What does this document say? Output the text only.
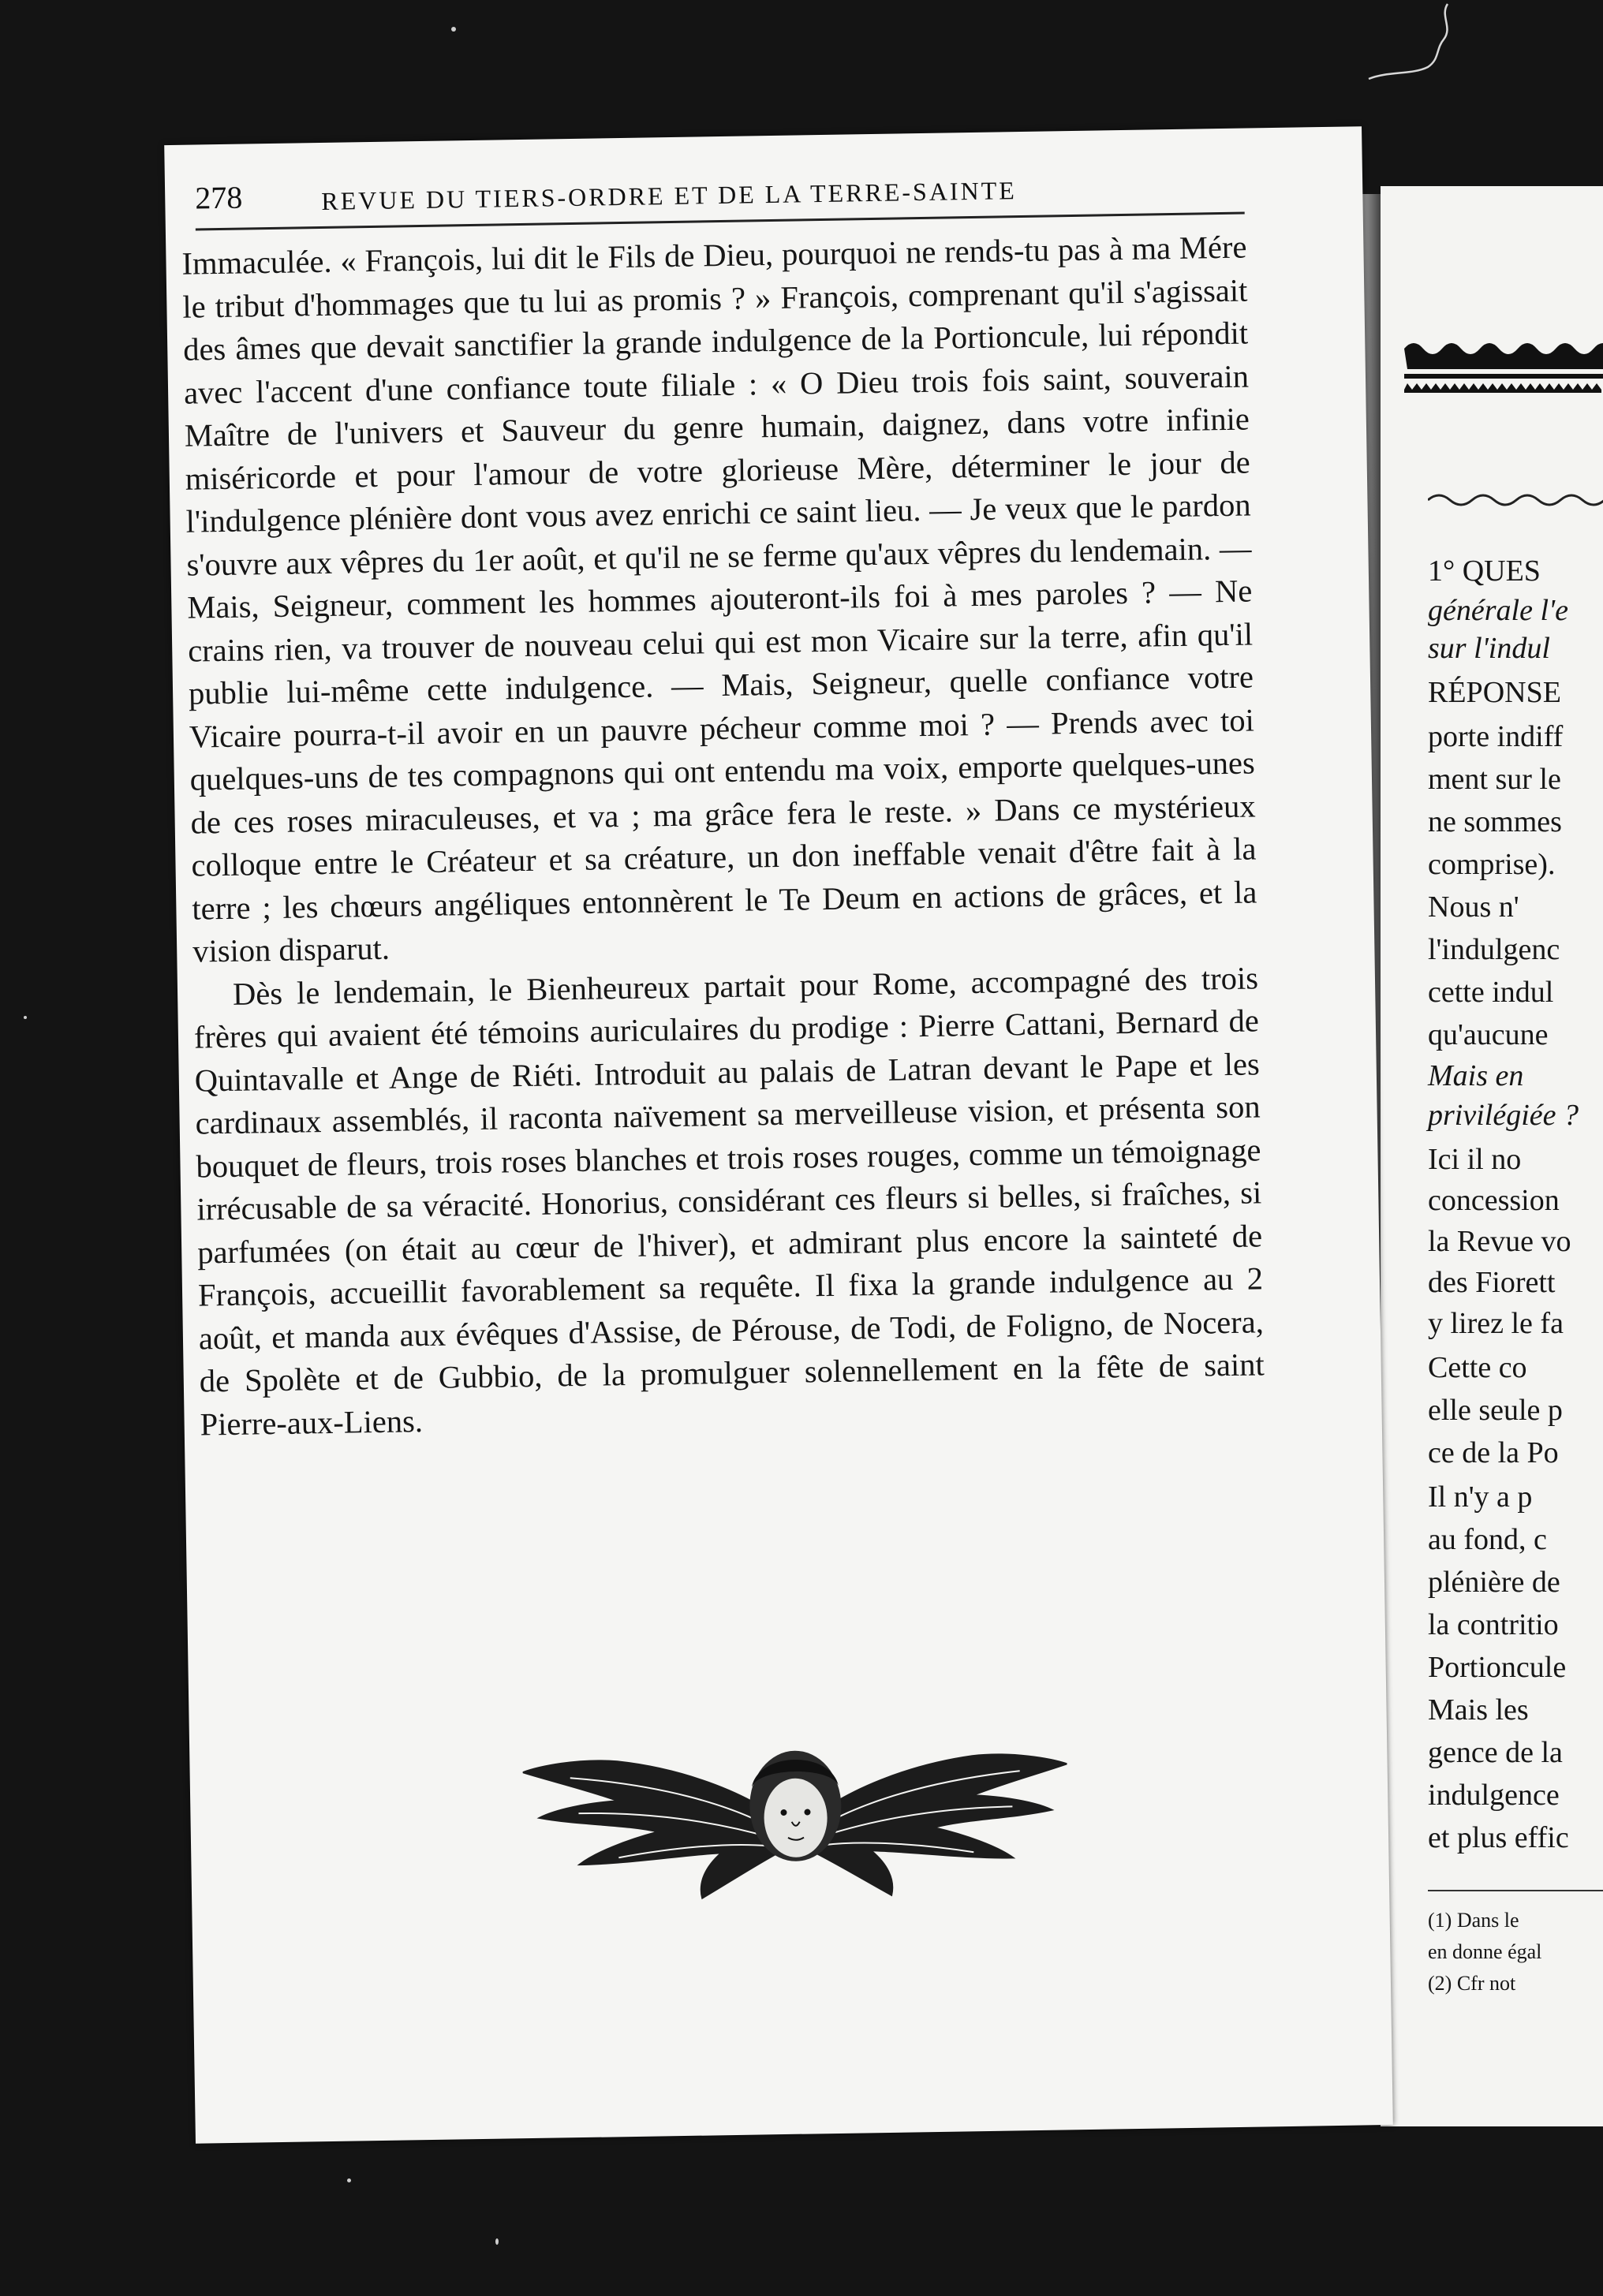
1° QUES
générale l'e
sur l'indul
RÉPONSE
porte indiff
ment sur le
ne sommes
comprise).
Nous n'
l'indulgenc
cette indul
qu'aucune
Mais en
privilégiée ?
Ici il no
concession
la Revue vo
des Fiorett
y lirez le fa
Cette co
elle seule p
ce de la Po
Il n'y a p
au fond, c
plénière de
la contritio
Portioncule
Mais les
gence de la
indulgence
et plus effic
(1) Dans le
en donne égal
(2) Cfr not
278	REVUE DU TIERS-ORDRE ET DE LA TERRE-SAINTE

Immaculée. « François, lui dit le Fils de Dieu, pourquoi ne rends-tu pas à ma Mére le tribut d'hommages que tu lui as promis ? » François, comprenant qu'il s'agissait des âmes que devait sanctifier la grande indulgence de la Portioncule, lui répondit avec l'accent d'une confiance toute filiale : « O Dieu trois fois saint, souverain Maître de l'univers et Sauveur du genre humain, daignez, dans votre infinie miséricorde et pour l'amour de votre glorieuse Mère, déterminer le jour de l'indulgence plénière dont vous avez enrichi ce saint lieu. — Je veux que le pardon s'ouvre aux vêpres du 1er août, et qu'il ne se ferme qu'aux vêpres du lendemain. — Mais, Seigneur, comment les hommes ajouteront-ils foi à mes paroles ? — Ne crains rien, va trouver de nouveau celui qui est mon Vicaire sur la terre, afin qu'il publie lui-même cette indulgence. — Mais, Seigneur, quelle confiance votre Vicaire pourra-t-il avoir en un pauvre pécheur comme moi ? — Prends avec toi quelques-uns de tes compagnons qui ont entendu ma voix, emporte quelques-unes de ces roses miraculeuses, et va ; ma grâce fera le reste. » Dans ce mystérieux colloque entre le Créateur et sa créature, un don ineffable venait d'être fait à la terre ; les chœurs angéliques entonnèrent le Te Deum en actions de grâces, et la vision disparut.

Dès le lendemain, le Bienheureux partait pour Rome, accompagné des trois frères qui avaient été témoins auriculaires du prodige : Pierre Cattani, Bernard de Quintavalle et Ange de Riéti. Introduit au palais de Latran devant le Pape et les cardinaux assemblés, il raconta naïvement sa merveilleuse vision, et présenta son bouquet de fleurs, trois roses blanches et trois roses rouges, comme un témoignage irrécusable de sa véracité. Honorius, considérant ces fleurs si belles, si fraîches, si parfumées (on était au cœur de l'hiver), et admirant plus encore la sainteté de François, accueillit favorablement sa requête. Il fixa la grande indulgence au 2 août, et manda aux évêques d'Assise, de Pérouse, de Todi, de Foligno, de Nocera, de Spolète et de Gubbio, de la promulguer solennellement en la fête de saint Pierre-aux-Liens.
